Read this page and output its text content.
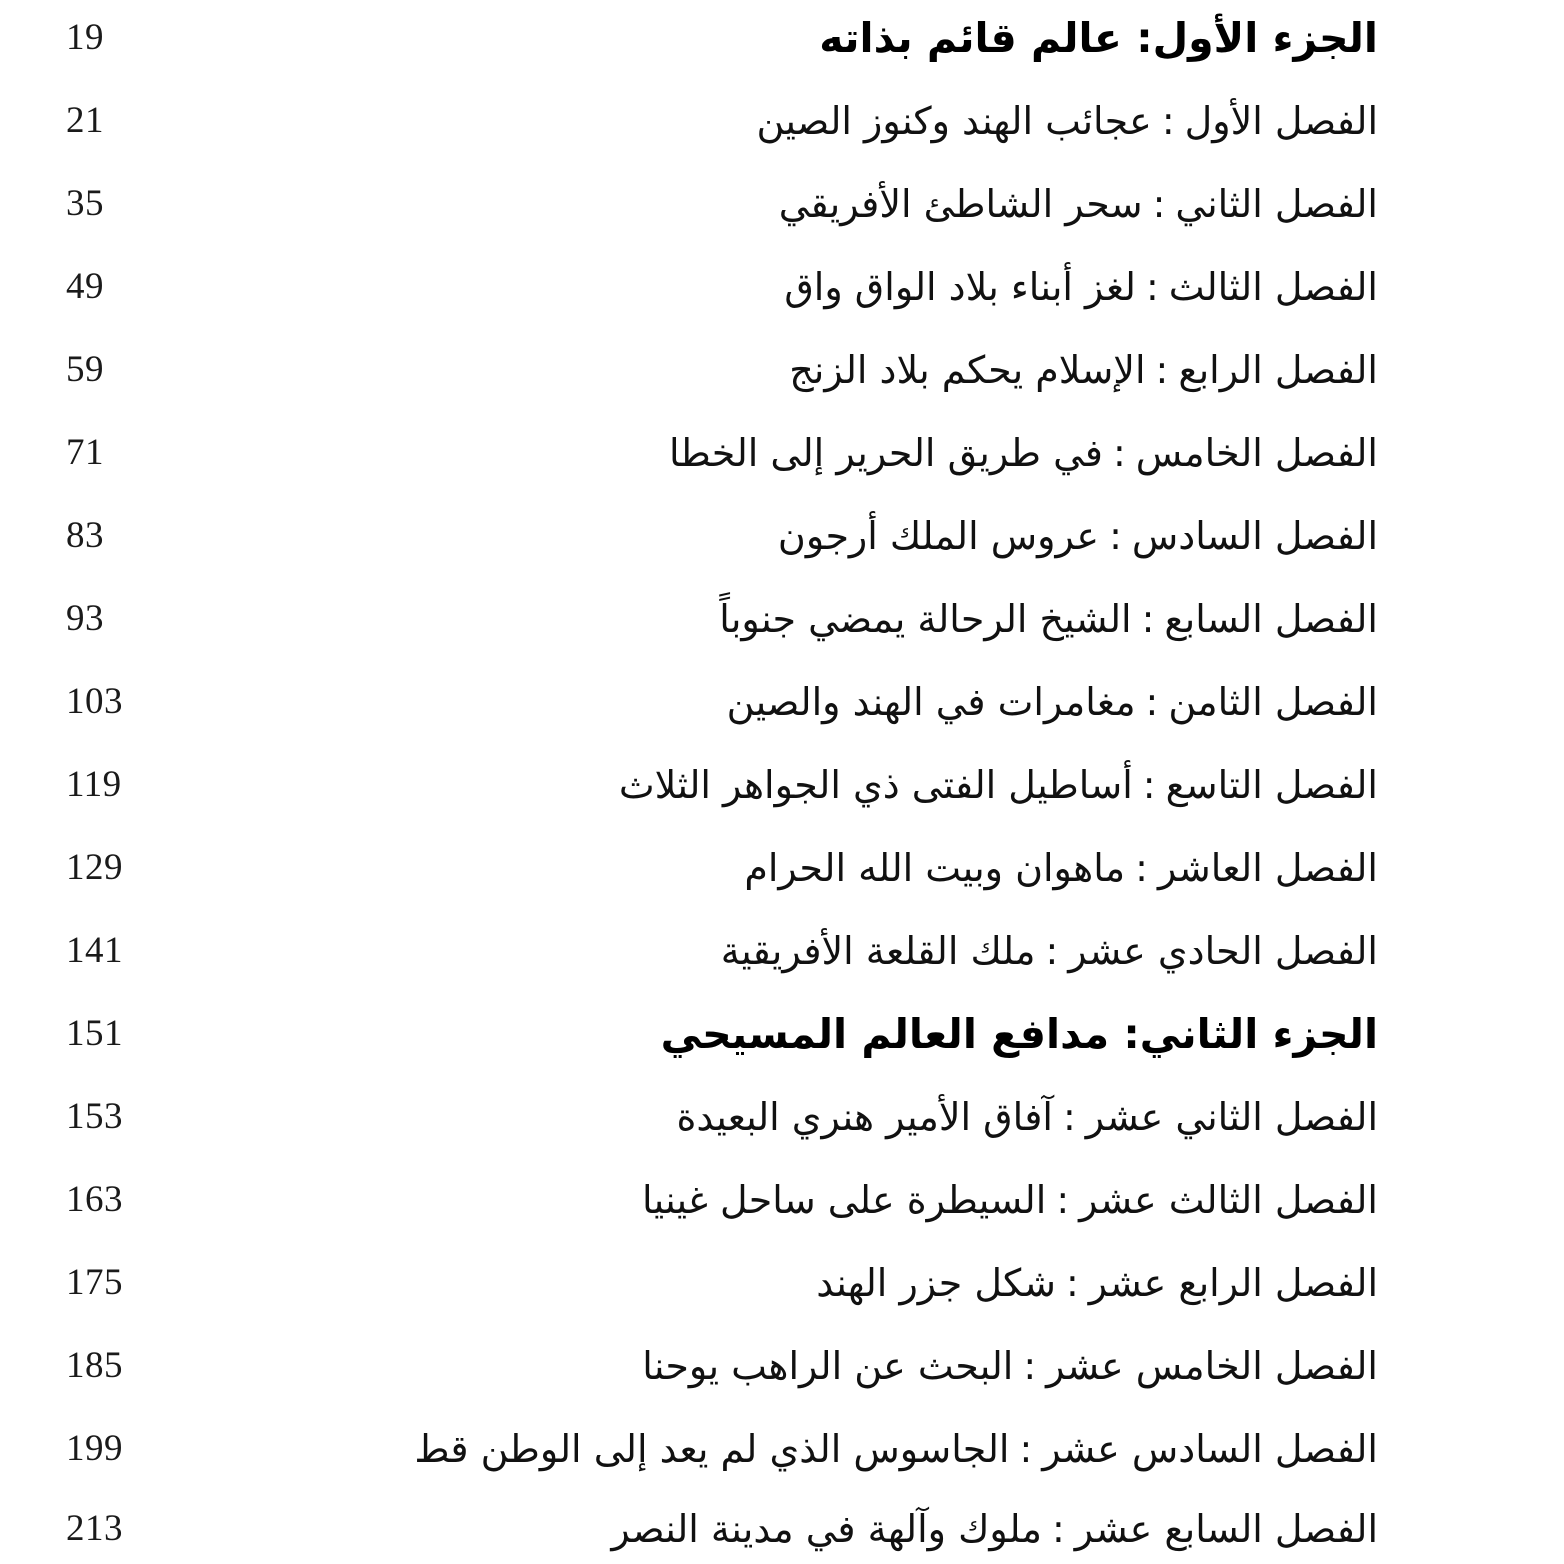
الجزء الأول: عالم قائم بذاته
19
الفصل الأول:عجائب الهند وكنوز الصين
21
الفصل الثاني:سحر الشاطئ الأفريقي
35
الفصل الثالث:لغز أبناء بلاد الواق واق
49
الفصل الرابع:الإسلام يحكم بلاد الزنج
59
الفصل الخامس:في طريق الحرير إلى الخطا
71
الفصل السادس:عروس الملك أرجون
83
الفصل السابع:الشيخ الرحالة يمضي جنوباً
93
الفصل الثامن:مغامرات في الهند والصين
103
الفصل التاسع:أساطيل الفتى ذي الجواهر الثلاث
119
الفصل العاشر:ماهوان وبيت الله الحرام
129
الفصل الحادي عشر:ملك القلعة الأفريقية
141
الجزء الثاني: مدافع العالم المسيحي
151
الفصل الثاني عشر:آفاق الأمير هنري البعيدة
153
الفصل الثالث عشر:السيطرة على ساحل غينيا
163
الفصل الرابع عشر:شكل جزر الهند
175
الفصل الخامس عشر:البحث عن الراهب يوحنا
185
الفصل السادس عشر:الجاسوس الذي لم يعد إلى الوطن قط
199
الفصل السابع عشر:ملوك وآلهة في مدينة النصر
213
